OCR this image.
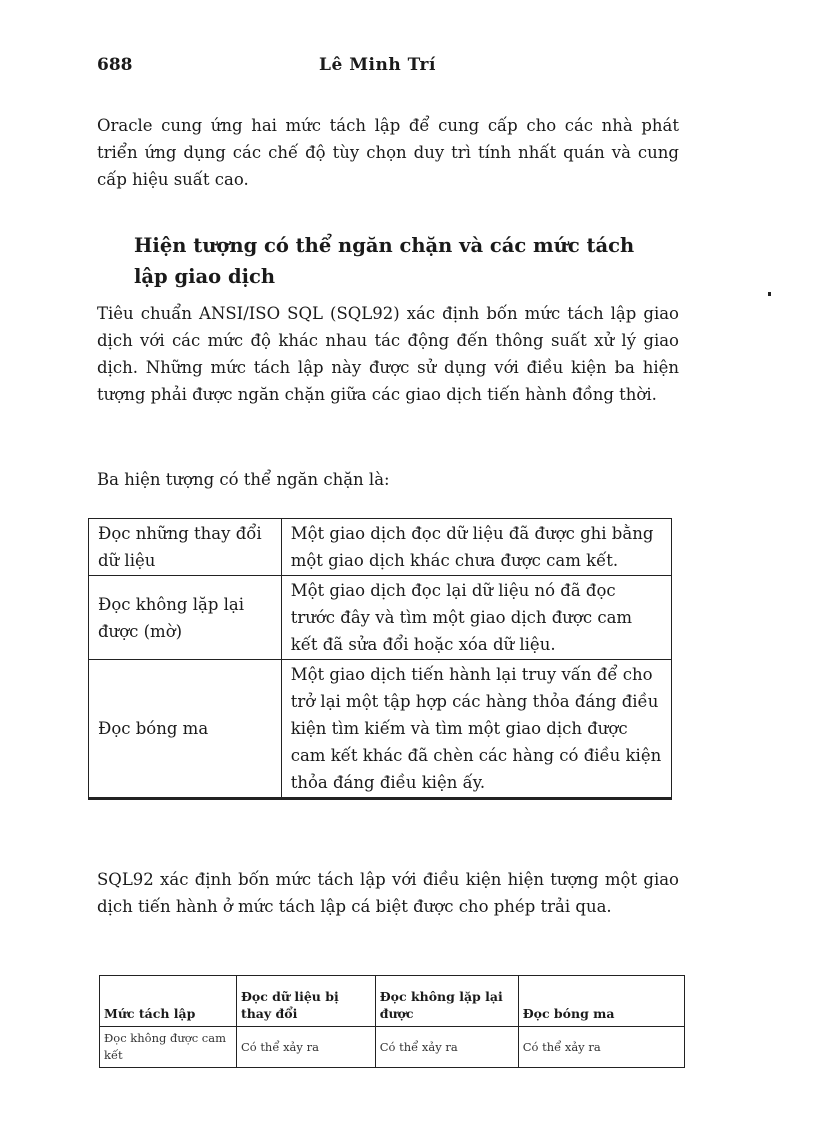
688	Lê Minh Trí

Oracle cung ứng hai mức tách lập để cung cấp cho các nhà phát triển ứng dụng các chế độ tùy chọn duy trì tính nhất quán và cung cấp hiệu suất cao.

Hiện tượng có thể ngăn chặn và các mức tách lập giao dịch

Tiêu chuẩn ANSI/ISO SQL (SQL92) xác định bốn mức tách lập giao dịch với các mức độ khác nhau tác động đến thông suất xử lý giao dịch. Những mức tách lập này được sử dụng với điều kiện ba hiện tượng phải được ngăn chặn giữa các giao dịch tiến hành đồng thời.

Ba hiện tượng có thể ngăn chặn là:

Đọc những thay đổi dữ liệu	Một giao dịch đọc dữ liệu đã được ghi bằng một giao dịch khác chưa được cam kết.
Đọc không lặp lại được (mờ)	Một giao dịch đọc lại dữ liệu nó đã đọc trước đây và tìm một giao dịch được cam kết đã sửa đổi hoặc xóa dữ liệu.
Đọc bóng ma	Một giao dịch tiến hành lại truy vấn để cho trở lại một tập hợp các hàng thỏa đáng điều kiện tìm kiếm và tìm một giao dịch được cam kết khác đã chèn các hàng có điều kiện thỏa đáng điều kiện ấy.

SQL92 xác định bốn mức tách lập với điều kiện hiện tượng một giao dịch tiến hành ở mức tách lập cá biệt được cho phép trải qua.

Mức tách lập	Đọc dữ liệu bị thay đổi	Đọc không lặp lại được	Đọc bóng ma
Đọc không được cam kết	Có thể xảy ra	Có thể xảy ra	Có thể xảy ra
